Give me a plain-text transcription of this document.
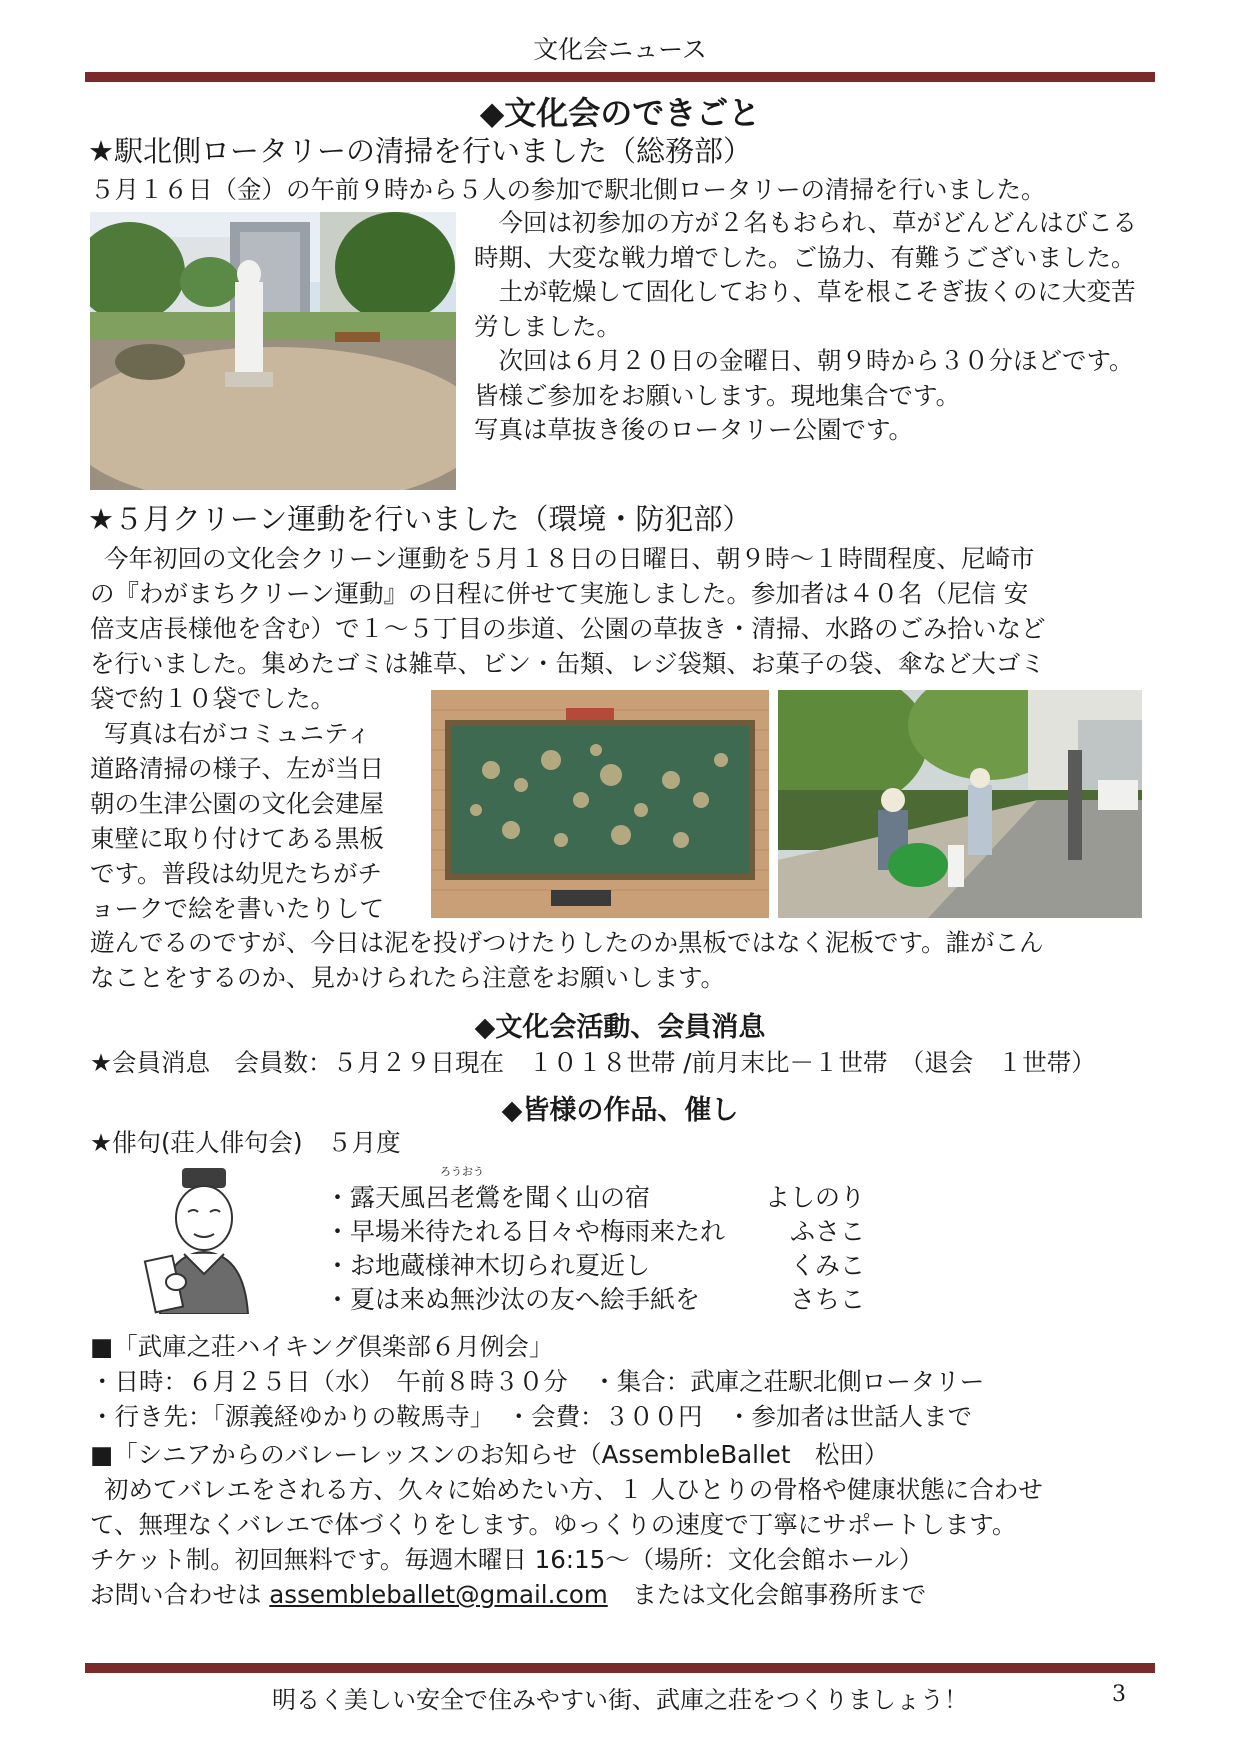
文化会ニュース
◆文化会のできごと
★駅北側ロータリーの清掃を行いました（総務部）
５月１６日（金）の午前９時から５人の参加で駅北側ロータリーの清掃を行いました。
今回は初参加の方が２名もおられ、草がどんどんはびこる時期、大変な戦力増でした。ご協力、有難うございました。
土が乾燥して固化しており、草を根こそぎ抜くのに大変苦労しました。
次回は６月２０日の金曜日、朝９時から３０分ほどです。皆様ご参加をお願いします。現地集合です。
写真は草抜き後のロータリー公園です。
★５月クリーン運動を行いました（環境・防犯部）
今年初回の文化会クリーン運動を５月１８日の日曜日、朝９時～１時間程度、尼崎市
の『わがまちクリーン運動』の日程に併せて実施しました。参加者は４０名（尼信 安
倍支店長様他を含む）で１～５丁目の歩道、公園の草抜き・清掃、水路のごみ拾いなど
を行いました。集めたゴミは雑草、ビン・缶類、レジ袋類、お菓子の袋、傘など大ゴミ
袋で約１０袋でした。
写真は右がコミュニティ
道路清掃の様子、左が当日
朝の生津公園の文化会建屋
東壁に取り付けてある黒板
です。普段は幼児たちがチ
ョークで絵を書いたりして
遊んでるのですが、今日は泥を投げつけたりしたのか黒板ではなく泥板です。誰がこん
なことをするのか、見かけられたら注意をお願いします。
◆文化会活動、会員消息
★会員消息　会員数：５月２９日現在　１０１８世帯 /前月末比－１世帯　（退会　１世帯）
◆皆様の作品、催し
★俳句(荘人俳句会)　５月度
ろうおう
・露天風呂老鶯を聞く山の宿	よしのり
・早場米待たれる日々や梅雨来たれ	ふさこ
・お地蔵様神木切られ夏近し	くみこ
・夏は来ぬ無沙汰の友へ絵手紙を	さちこ
■「武庫之荘ハイキング倶楽部６月例会」
・日時：６月２５日（水）　午前８時３０分　・集合：武庫之荘駅北側ロータリー
・行き先：「源義経ゆかりの鞍馬寺」　・会費：３００円　・参加者は世話人まで
■「シニアからのバレーレッスンのお知らせ（AssembleBallet　松田）
初めてバレエをされる方、久々に始めたい方、１ 人ひとりの骨格や健康状態に合わせ
て、無理なくバレエで体づくりをします。ゆっくりの速度で丁寧にサポートします。
チケット制。初回無料です。毎週木曜日 16:15～（場所：文化会館ホール）
お問い合わせは assembleballet@gmail.com　または文化会館事務所まで
明るく美しい安全で住みやすい街、武庫之荘をつくりましょう！	3
